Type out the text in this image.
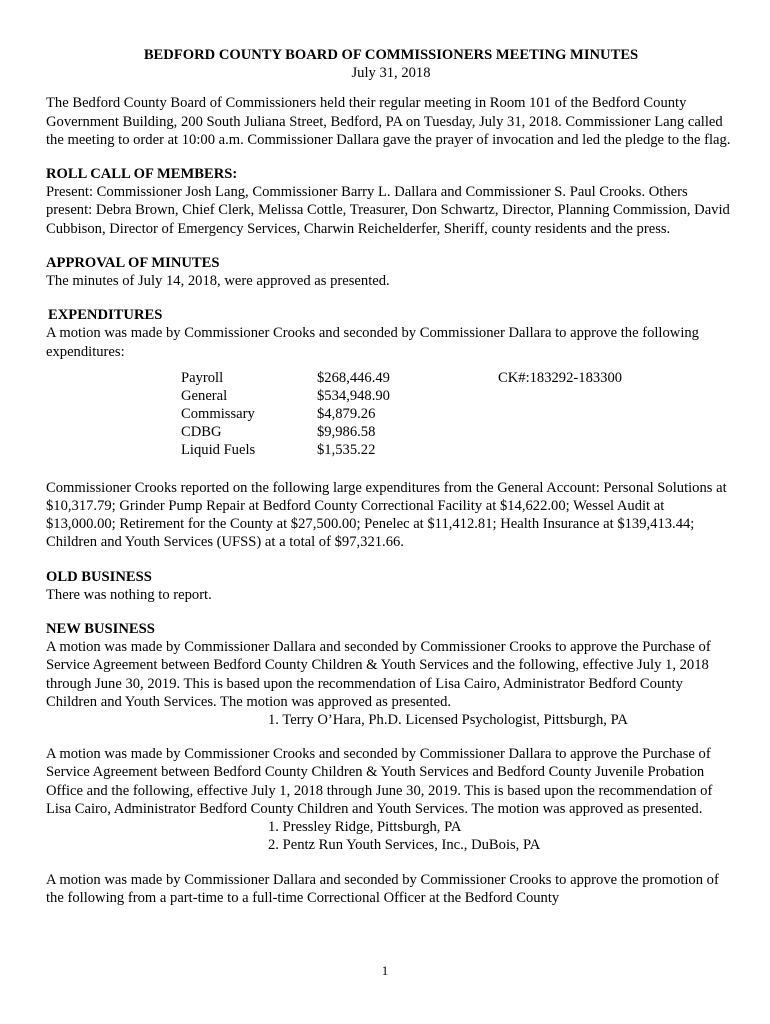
BEDFORD COUNTY BOARD OF COMMISSIONERS MEETING MINUTES

July 31, 2018

The Bedford County Board of Commissioners held their regular meeting in Room 101 of the Bedford County Government Building, 200 South Juliana Street, Bedford, PA on Tuesday, July 31, 2018. Commissioner Lang called the meeting to order at 10:00 a.m. Commissioner Dallara gave the prayer of invocation and led the pledge to the flag.

ROLL CALL OF MEMBERS:

Present: Commissioner Josh Lang, Commissioner Barry L. Dallara and Commissioner S. Paul Crooks. Others present: Debra Brown, Chief Clerk, Melissa Cottle, Treasurer, Don Schwartz, Director, Planning Commission, David Cubbison, Director of Emergency Services, Charwin Reichelderfer, Sheriff, county residents and the press.

APPROVAL OF MINUTES

The minutes of July 14, 2018, were approved as presented.

EXPENDITURES

A motion was made by Commissioner Crooks and seconded by Commissioner Dallara to approve the following expenditures:

Payroll	$268,446.49	CK#:183292-183300
General	$534,948.90
Commissary	$4,879.26
CDBG	$9,986.58
Liquid Fuels	$1,535.22

Commissioner Crooks reported on the following large expenditures from the General Account: Personal Solutions at $10,317.79; Grinder Pump Repair at Bedford County Correctional Facility at $14,622.00; Wessel Audit at $13,000.00; Retirement for the County at $27,500.00; Penelec at $11,412.81; Health Insurance at $139,413.44; Children and Youth Services (UFSS) at a total of $97,321.66.

OLD BUSINESS

There was nothing to report.

NEW BUSINESS

A motion was made by Commissioner Dallara and seconded by Commissioner Crooks to approve the Purchase of Service Agreement between Bedford County Children & Youth Services and the following, effective July 1, 2018 through June 30, 2019. This is based upon the recommendation of Lisa Cairo, Administrator Bedford County Children and Youth Services. The motion was approved as presented.

1. Terry O’Hara, Ph.D. Licensed Psychologist, Pittsburgh, PA

A motion was made by Commissioner Crooks and seconded by Commissioner Dallara to approve the Purchase of Service Agreement between Bedford County Children & Youth Services and Bedford County Juvenile Probation Office and the following, effective July 1, 2018 through June 30, 2019. This is based upon the recommendation of Lisa Cairo, Administrator Bedford County Children and Youth Services. The motion was approved as presented.

1. Pressley Ridge, Pittsburgh, PA
2. Pentz Run Youth Services, Inc., DuBois, PA

A motion was made by Commissioner Dallara and seconded by Commissioner Crooks to approve the promotion of the following from a part-time to a full-time Correctional Officer at the Bedford County

1
